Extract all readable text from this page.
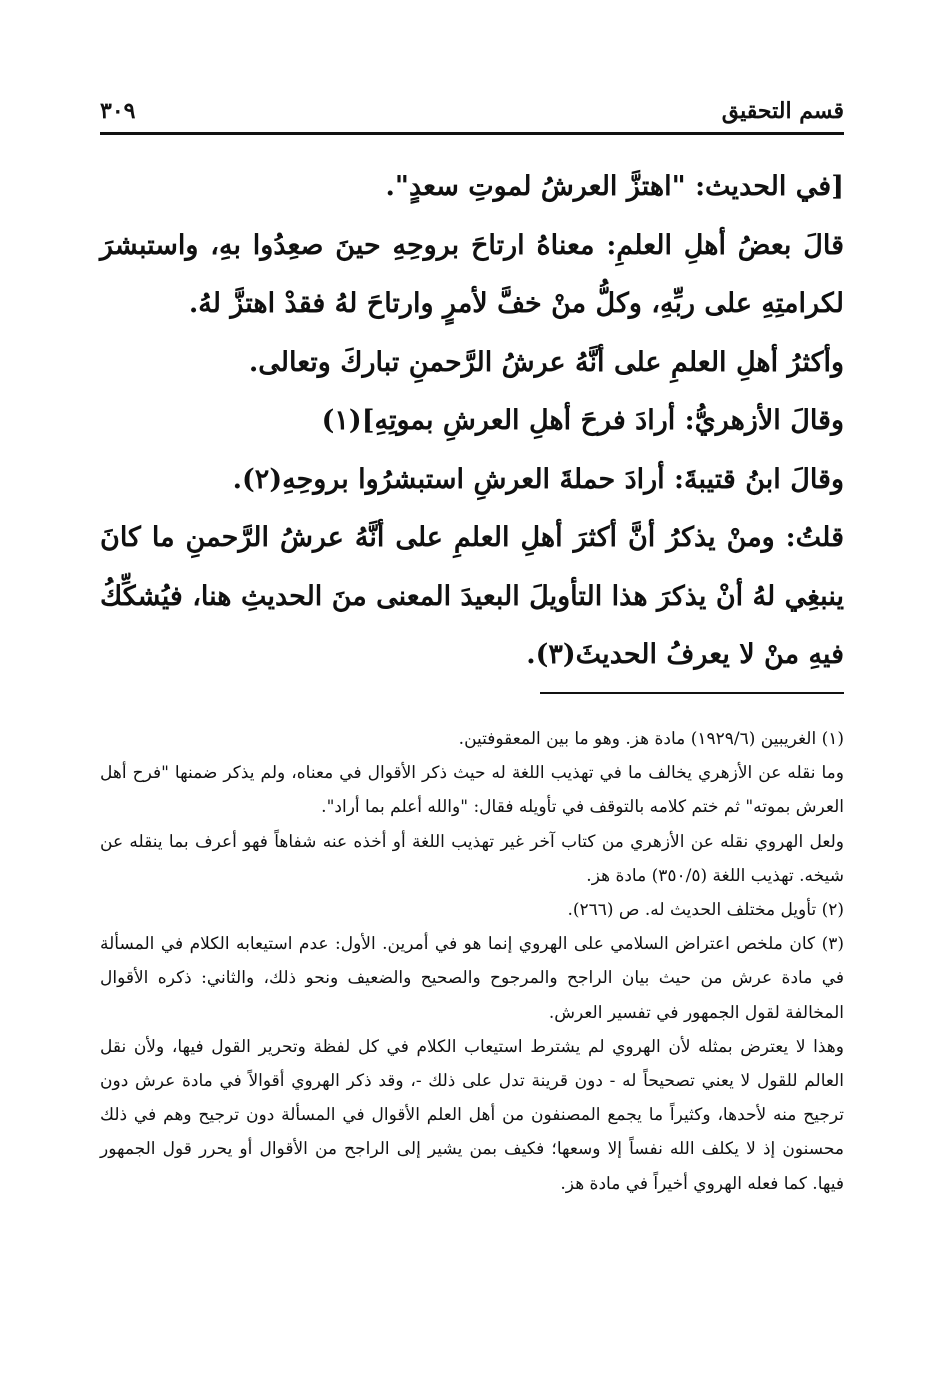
قسم التحقيق
٣٠٩

[في الحديث: "اهتزَّ العرشُ لموتِ سعدٍ".

قالَ بعضُ أهلِ العلمِ: معناهُ ارتاحَ بروحِهِ حينَ صعِدُوا بهِ، واستبشرَ لكرامتِهِ على ربِّهِ، وكلُّ منْ خفَّ لأمرٍ وارتاحَ لهُ فقدْ اهتزَّ لهُ.

وأكثرُ أهلِ العلمِ على أنَّهُ عرشُ الرَّحمنِ تباركَ وتعالى.

وقالَ الأزهريُّ: أرادَ فرحَ أهلِ العرشِ بموتِهِ](١)

وقالَ ابنُ قتيبةَ: أرادَ حملةَ العرشِ استبشرُوا بروحِهِ(٢).

قلتُ: ومنْ يذكرُ أنَّ أكثرَ أهلِ العلمِ على أنَّهُ عرشُ الرَّحمنِ ما كانَ ينبغِي لهُ أنْ يذكرَ هذا التأويلَ البعيدَ المعنى منَ الحديثِ هنا، فيُشكِّكُ فيهِ منْ لا يعرفُ الحديثَ(٣).

(١) الغريبين (١٩٢٩/٦) مادة هز. وهو ما بين المعقوفتين.

وما نقله عن الأزهري يخالف ما في تهذيب اللغة له حيث ذكر الأقوال في معناه، ولم يذكر ضمنها "فرح أهل العرش بموته" ثم ختم كلامه بالتوقف في تأويله فقال: "والله أعلم بما أراد".

ولعل الهروي نقله عن الأزهري من كتاب آخر غير تهذيب اللغة أو أخذه عنه شفاهاً فهو أعرف بما ينقله عن شيخه. تهذيب اللغة (٣٥٠/٥) مادة هز.

(٢) تأويل مختلف الحديث له. ص (٢٦٦).

(٣) كان ملخص اعتراض السلامي على الهروي إنما هو في أمرين. الأول: عدم استيعابه الكلام في المسألة في مادة عرش من حيث بيان الراجح والمرجوح والصحيح والضعيف ونحو ذلك، والثاني: ذكره الأقوال المخالفة لقول الجمهور في تفسير العرش.

وهذا لا يعترض بمثله لأن الهروي لم يشترط استيعاب الكلام في كل لفظة وتحرير القول فيها، ولأن نقل العالم للقول لا يعني تصحيحاً له - دون قرينة تدل على ذلك -، وقد ذكر الهروي أقوالاً في مادة عرش دون ترجيح منه لأحدها، وكثيراً ما يجمع المصنفون من أهل العلم الأقوال في المسألة دون ترجيح وهم في ذلك محسنون إذ لا يكلف الله نفساً إلا وسعها؛ فكيف بمن يشير إلى الراجح من الأقوال أو يحرر قول الجمهور فيها. كما فعله الهروي أخيراً في مادة هز.
